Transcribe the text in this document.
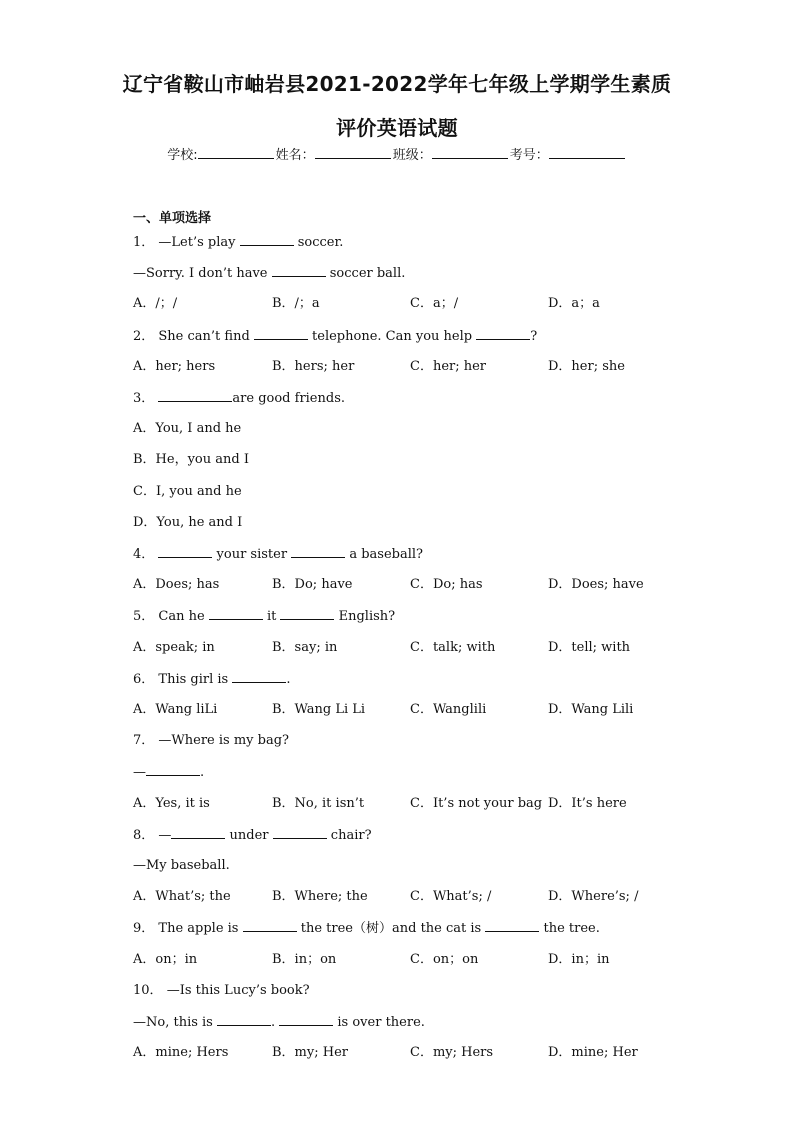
辽宁省鞍山市岫岩县2021-2022学年七年级上学期学生素质
评价英语试题
学校:	姓名：	班级：	考号：
一、单项选择
1． —Let’s play	soccer.
—Sorry. I don’t have	soccer ball.
A．/；/	B．/；a	C．a；/	D．a；a
2． She can’t find	telephone. Can you help	?
A．her; hers	B．hers; her	C．her; her	D．her; she
3．	are good friends.
A．You, I and he
B．He，you and I
C．I, you and he
D．You, he and I
4．	your sister	a baseball?
A．Does; has	B．Do; have	C．Do; has	D．Does; have
5． Can he	it	English?
A．speak; in	B．say; in	C．talk; with	D．tell; with
6． This girl is	.
A．Wang liLi	B．Wang Li Li	C．Wanglili	D．Wang Lili
7． —Where is my bag?
—	.
A．Yes, it is	B．No, it isn’t	C．It’s not your bag D．It’s here
8． —	under	chair?
—My baseball.
A．What’s; the	B．Where; the	C．What’s; /	D．Where’s; /
9． The apple is	the tree（树）and the cat is	the tree.
A．on；in	B．in；on	C．on；on	D．in；in
10． —Is this Lucy’s book?
—No, this is	.	is over there.
A．mine; Hers	B．my; Her	C．my; Hers	D．mine; Her
